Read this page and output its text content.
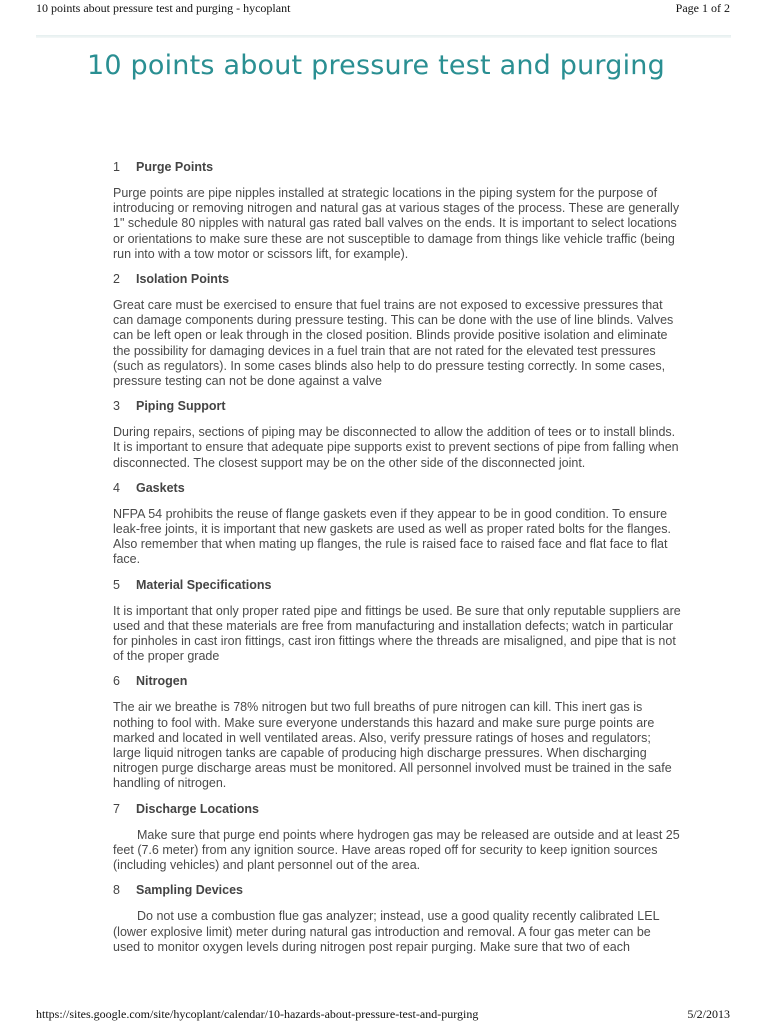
10 points about pressure test and purging - hycoplant	Page 1 of 2
10 points about pressure test and purging
1	Purge Points

Purge points are pipe nipples installed at strategic locations in the piping system for the purpose of introducing or removing nitrogen and natural gas at various stages of the process. These are generally 1" schedule 80 nipples with natural gas rated ball valves on the ends. It is important to select locations or orientations to make sure these are not susceptible to damage from things like vehicle traffic (being run into with a tow motor or scissors lift, for example).

2	Isolation Points

Great care must be exercised to ensure that fuel trains are not exposed to excessive pressures that can damage components during pressure testing. This can be done with the use of line blinds. Valves can be left open or leak through in the closed position. Blinds provide positive isolation and eliminate the possibility for damaging devices in a fuel train that are not rated for the elevated test pressures (such as regulators). In some cases blinds also help to do pressure testing correctly. In some cases, pressure testing can not be done against a valve

3	Piping Support

During repairs, sections of piping may be disconnected to allow the addition of tees or to install blinds. It is important to ensure that adequate pipe supports exist to prevent sections of pipe from falling when disconnected. The closest support may be on the other side of the disconnected joint.

4	Gaskets

NFPA 54 prohibits the reuse of flange gaskets even if they appear to be in good condition. To ensure leak-free joints, it is important that new gaskets are used as well as proper rated bolts for the flanges. Also remember that when mating up flanges, the rule is raised face to raised face and flat face to flat face.

5	Material Specifications

It is important that only proper rated pipe and fittings be used. Be sure that only reputable suppliers are used and that these materials are free from manufacturing and installation defects; watch in particular for pinholes in cast iron fittings, cast iron fittings where the threads are misaligned, and pipe that is not of the proper grade

6	Nitrogen

The air we breathe is 78% nitrogen but two full breaths of pure nitrogen can kill. This inert gas is nothing to fool with. Make sure everyone understands this hazard and make sure purge points are marked and located in well ventilated areas. Also, verify pressure ratings of hoses and regulators; large liquid nitrogen tanks are capable of producing high discharge pressures. When discharging nitrogen purge discharge areas must be monitored. All personnel involved must be trained in the safe handling of nitrogen.

7	Discharge Locations

Make sure that purge end points where hydrogen gas may be released are outside and at least 25 feet (7.6 meter) from any ignition source. Have areas roped off for security to keep ignition sources (including vehicles) and plant personnel out of the area.

8	Sampling Devices

Do not use a combustion flue gas analyzer; instead, use a good quality recently calibrated LEL (lower explosive limit) meter during natural gas introduction and removal. A four gas meter can be used to monitor oxygen levels during nitrogen post repair purging. Make sure that two of each

https://sites.google.com/site/hycoplant/calendar/10-hazards-about-pressure-test-and-purging	5/2/2013
